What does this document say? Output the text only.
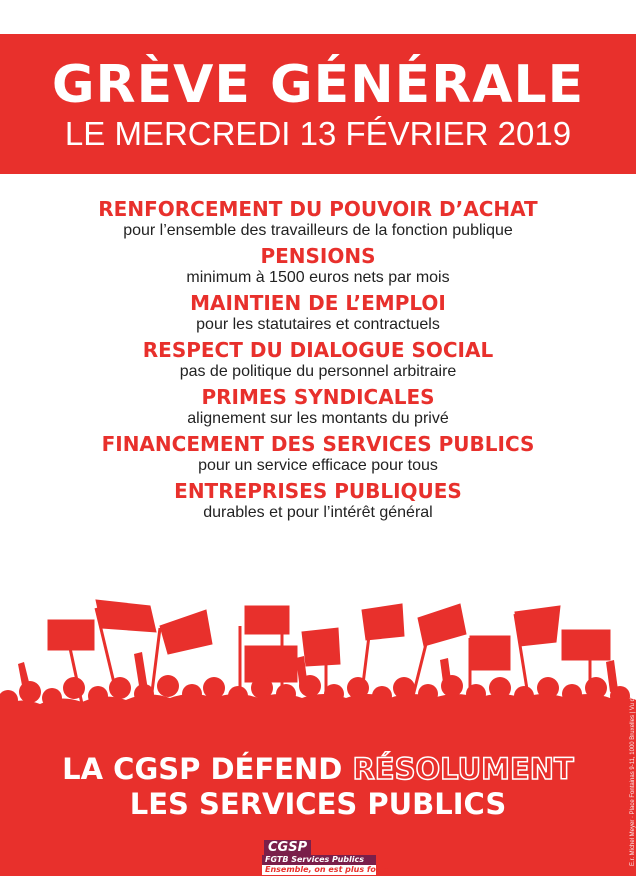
GRÈVE GÉNÉRALE
LE MERCREDI 13 FÉVRIER 2019
RENFORCEMENT DU POUVOIR D’ACHAT
pour l’ensemble des travailleurs de la fonction publique
PENSIONS
minimum à 1500 euros nets par mois
MAINTIEN DE L’EMPLOI
pour les statutaires et contractuels
RESPECT DU DIALOGUE SOCIAL
pas de politique du personnel arbitraire
PRIMES SYNDICALES
alignement sur les montants du privé
FINANCEMENT DES SERVICES PUBLICS
pour un service efficace pour tous
ENTREPRISES PUBLIQUES
durables et pour l’intérêt général
LA CGSP DÉFEND RÉSOLUMENT
LES SERVICES PUBLICS
CGSP
FGTB Services Publics
Ensemble, on est plus forts
É.r. Michel Meyer · Place Fontainas 9-11, 1000 Bruxelles | Vu de ne pas jeter sur la voie publique | s.s.p.
